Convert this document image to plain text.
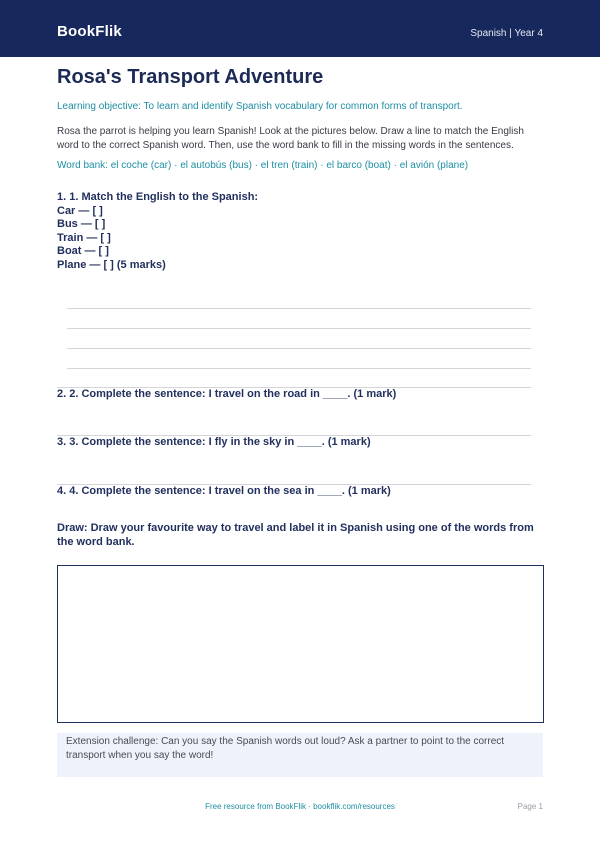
BookFlik	Spanish | Year 4
Rosa's Transport Adventure
Learning objective: To learn and identify Spanish vocabulary for common forms of transport.
Rosa the parrot is helping you learn Spanish! Look at the pictures below. Draw a line to match the English word to the correct Spanish word. Then, use the word bank to fill in the missing words in the sentences.
Word bank: el coche (car) · el autobús (bus) · el tren (train) · el barco (boat) · el avión (plane)
1. 1. Match the English to the Spanish:
Car — [ ]
Bus — [ ]
Train — [ ]
Boat — [ ]
Plane — [ ] (5 marks)
2. 2. Complete the sentence: I travel on the road in ____. (1 mark)
3. 3. Complete the sentence: I fly in the sky in ____. (1 mark)
4. 4. Complete the sentence: I travel on the sea in ____. (1 mark)
Draw: Draw your favourite way to travel and label it in Spanish using one of the words from the word bank.
Extension challenge: Can you say the Spanish words out loud? Ask a partner to point to the correct transport when you say the word!
Free resource from BookFlik · bookflik.com/resources	Page 1
